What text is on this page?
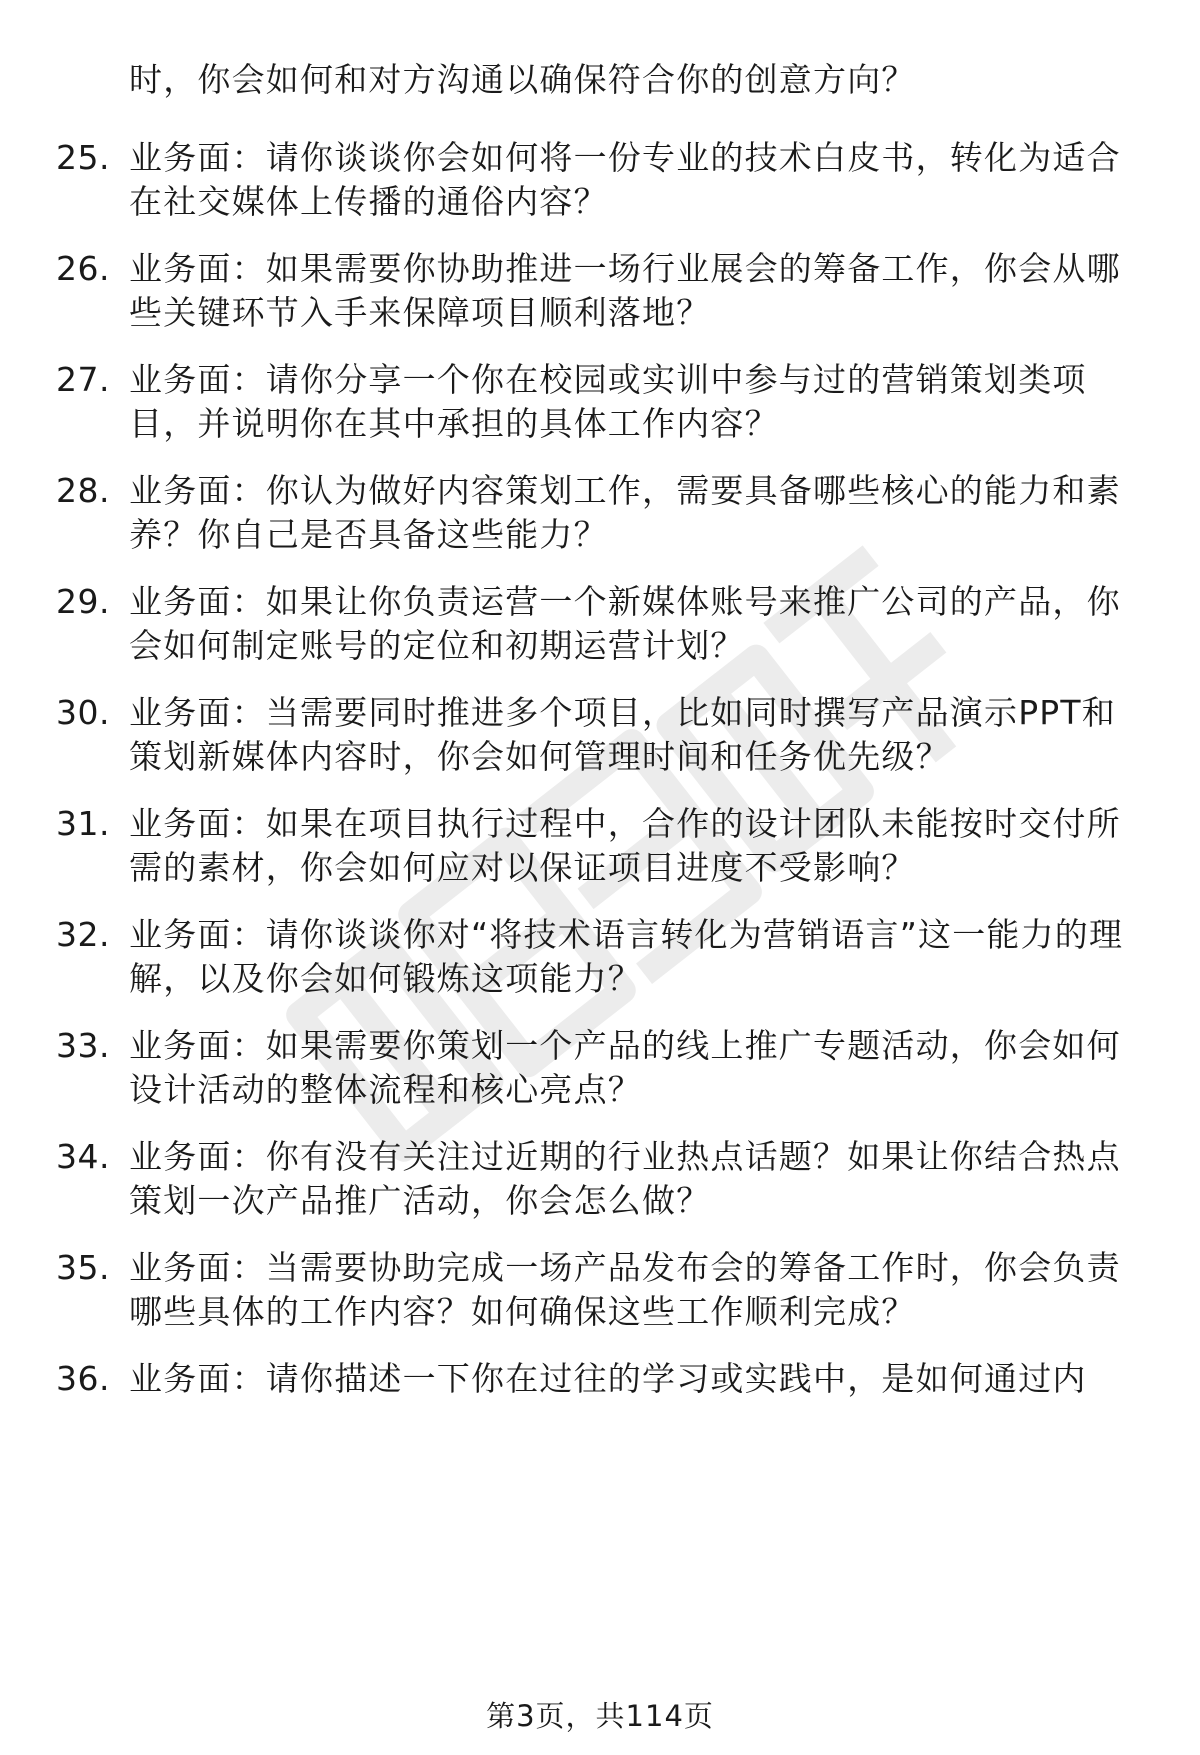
时，你会如何和对方沟通以确保符合你的创意方向？
25. 业务面：请你谈谈你会如何将一份专业的技术白皮书，转化为适合在社交媒体上传播的通俗内容？
26. 业务面：如果需要你协助推进一场行业展会的筹备工作，你会从哪些关键环节入手来保障项目顺利落地？
27. 业务面：请你分享一个你在校园或实训中参与过的营销策划类项目，并说明你在其中承担的具体工作内容？
28. 业务面：你认为做好内容策划工作，需要具备哪些核心的能力和素养？你自己是否具备这些能力？
29. 业务面：如果让你负责运营一个新媒体账号来推广公司的产品，你会如何制定账号的定位和初期运营计划？
30. 业务面：当需要同时推进多个项目，比如同时撰写产品演示PPT和策划新媒体内容时，你会如何管理时间和任务优先级？
31. 业务面：如果在项目执行过程中，合作的设计团队未能按时交付所需的素材，你会如何应对以保证项目进度不受影响？
32. 业务面：请你谈谈你对“将技术语言转化为营销语言”这一能力的理解，以及你会如何锻炼这项能力？
33. 业务面：如果需要你策划一个产品的线上推广专题活动，你会如何设计活动的整体流程和核心亮点？
34. 业务面：你有没有关注过近期的行业热点话题？如果让你结合热点策划一次产品推广活动，你会怎么做？
35. 业务面：当需要协助完成一场产品发布会的筹备工作时，你会负责哪些具体的工作内容？如何确保这些工作顺利完成？
36. 业务面：请你描述一下你在过往的学习或实践中，是如何通过内
第3页，共114页
